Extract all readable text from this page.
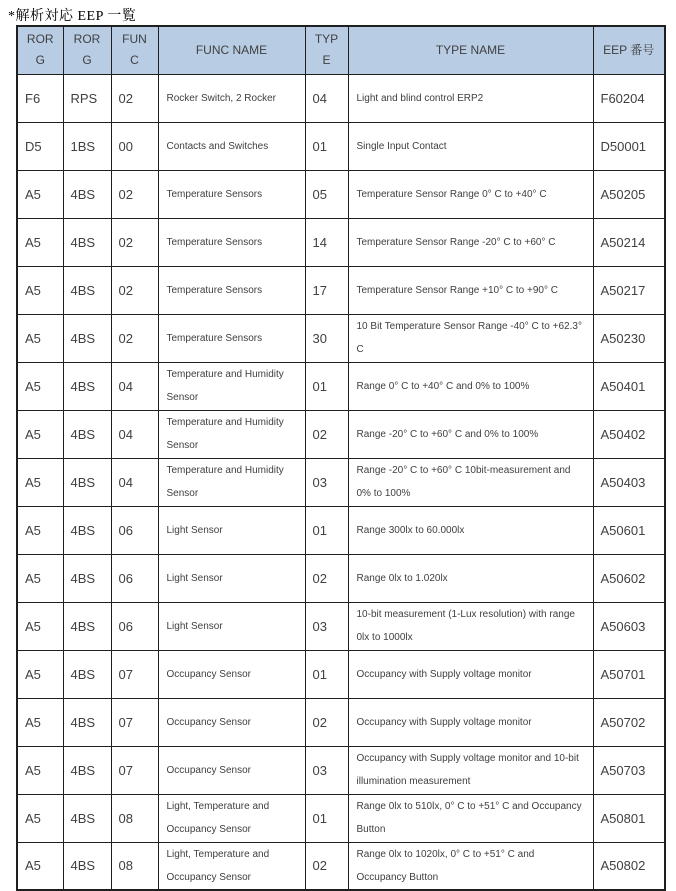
*解析対応 EEP 一覧
RORG	RORG	FUNC	FUNC NAME	TYPE	TYPE NAME	EEP 番号
F6	RPS	02	Rocker Switch, 2 Rocker	04	Light and blind control ERP2	F60204
D5	1BS	00	Contacts and Switches	01	Single Input Contact	D50001
A5	4BS	02	Temperature Sensors	05	Temperature Sensor Range 0° C to +40° C	A50205
A5	4BS	02	Temperature Sensors	14	Temperature Sensor Range -20° C to +60° C	A50214
A5	4BS	02	Temperature Sensors	17	Temperature Sensor Range +10° C to +90° C	A50217
A5	4BS	02	Temperature Sensors	30	10 Bit Temperature Sensor Range -40° C to +62.3° C	A50230
A5	4BS	04	Temperature and Humidity Sensor	01	Range 0° C to +40° C and 0% to 100%	A50401
A5	4BS	04	Temperature and Humidity Sensor	02	Range -20° C to +60° C and 0% to 100%	A50402
A5	4BS	04	Temperature and Humidity Sensor	03	Range -20° C to +60° C 10bit-measurement and 0% to 100%	A50403
A5	4BS	06	Light Sensor	01	Range 300lx to 60.000lx	A50601
A5	4BS	06	Light Sensor	02	Range 0lx to 1.020lx	A50602
A5	4BS	06	Light Sensor	03	10-bit measurement (1-Lux resolution) with range 0lx to 1000lx	A50603
A5	4BS	07	Occupancy Sensor	01	Occupancy with Supply voltage monitor	A50701
A5	4BS	07	Occupancy Sensor	02	Occupancy with Supply voltage monitor	A50702
A5	4BS	07	Occupancy Sensor	03	Occupancy with Supply voltage monitor and 10-bit illumination measurement	A50703
A5	4BS	08	Light, Temperature and Occupancy Sensor	01	Range 0lx to 510lx, 0° C to +51° C and Occupancy Button	A50801
A5	4BS	08	Light, Temperature and Occupancy Sensor	02	Range 0lx to 1020lx, 0° C to +51° C and Occupancy Button	A50802
